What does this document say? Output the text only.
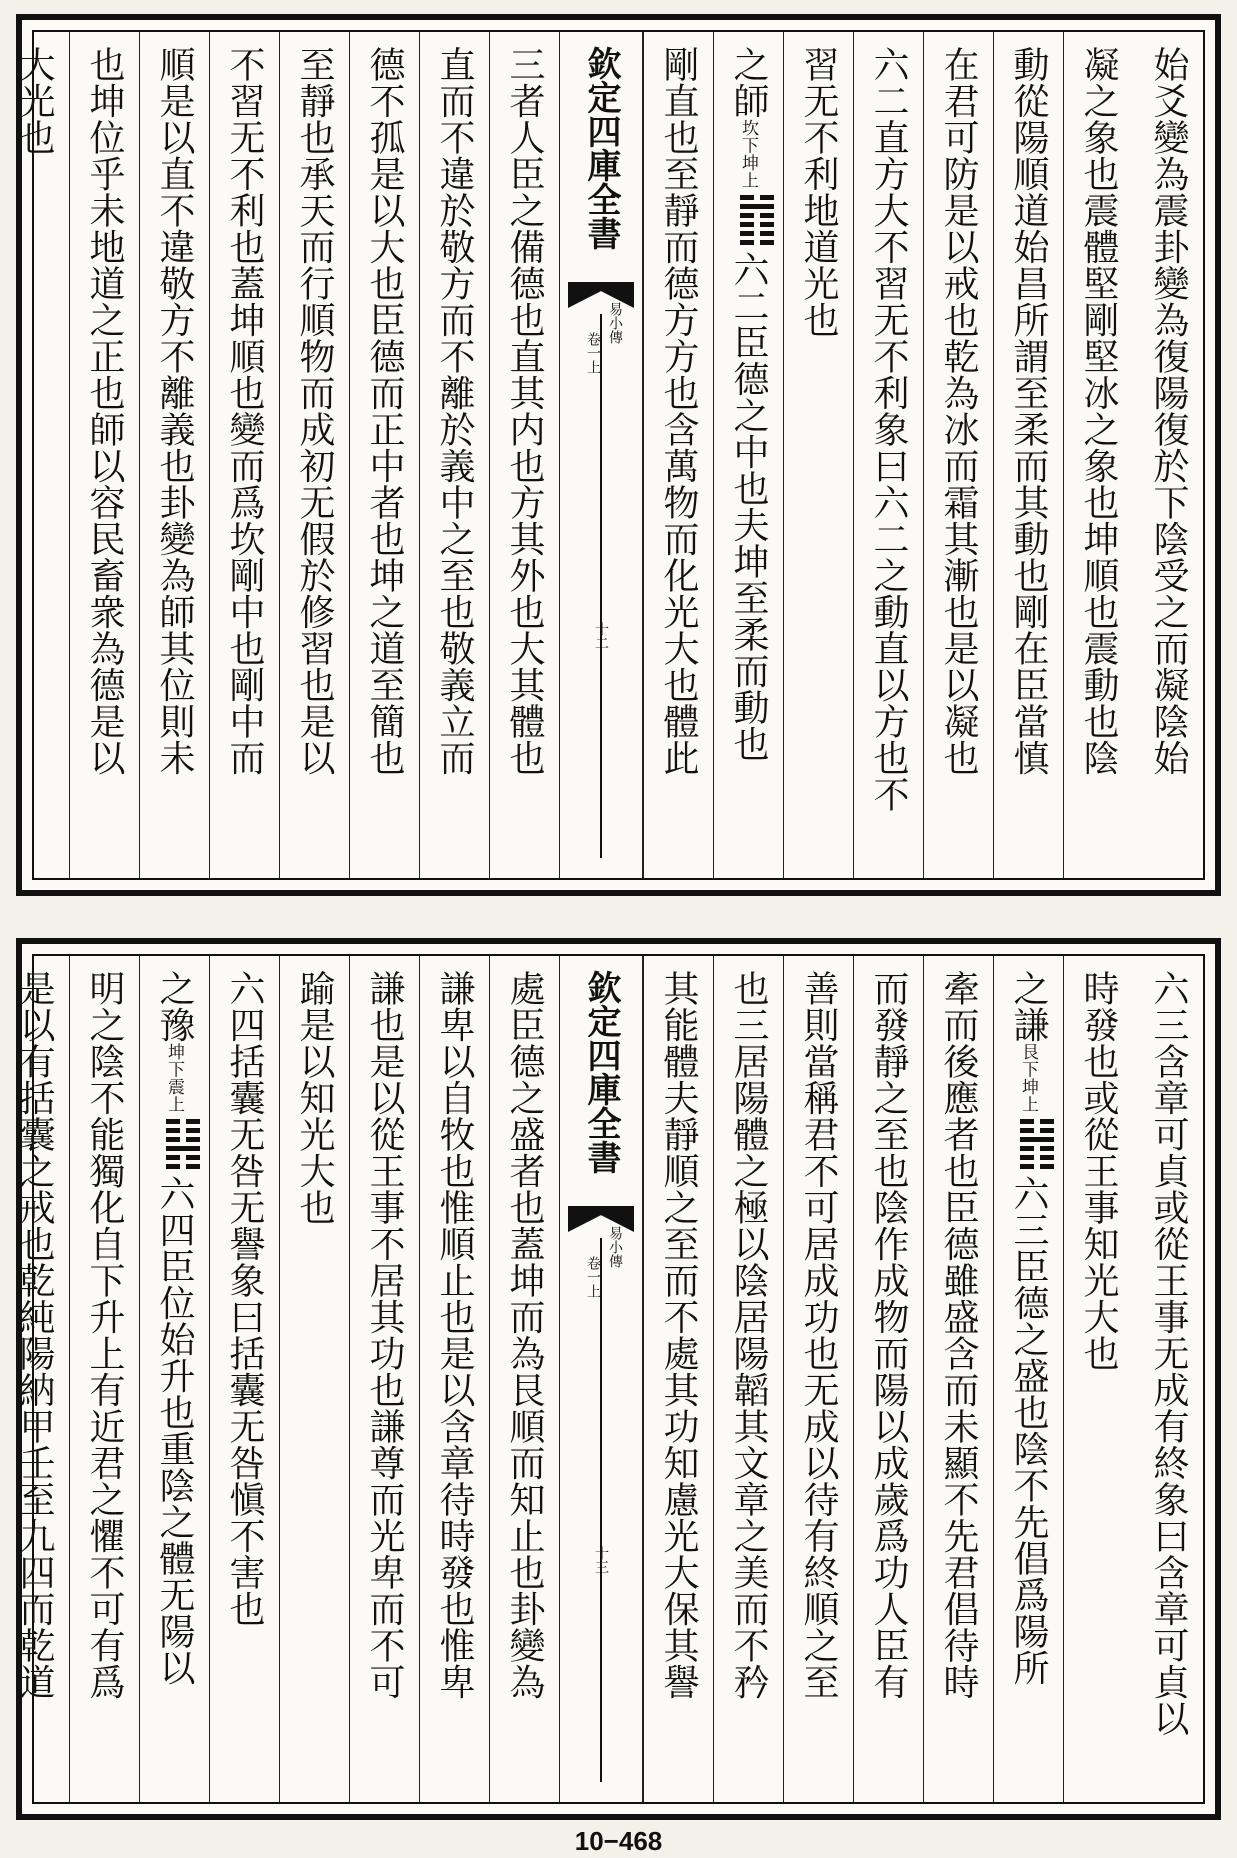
始爻變為震卦變為復陽復於下陰受之而凝陰始
凝之象也震體堅剛堅冰之象也坤順也震動也陰
動從陽順道始昌所謂至柔而其動也剛在臣當慎
在君可防是以戒也乾為冰而霜其漸也是以凝也
六二直方大不習无不利象曰六二之動直以方也不
習无不利地道光也
之師坎下坤上
六二臣德之中也夫坤至柔而動也
剛直也至靜而德方方也含萬物而化光大也體此
欽定四庫全書
易小傳
卷一上
十二
三者人臣之備德也直其内也方其外也大其體也
直而不違於敬方而不離於義中之至也敬義立而
德不孤是以大也臣德而正中者也坤之道至簡也
至靜也承天而行順物而成初无假於修習也是以
不習无不利也蓋坤順也變而爲坎剛中也剛中而
順是以直不違敬方不離義也卦變為師其位則未
也坤位乎未地道之正也師以容民畜衆為德是以
大光也
六三含章可貞或從王事无成有終象曰含章可貞以
時發也或從王事知光大也
之謙艮下坤上
六三臣德之盛也陰不先倡爲陽所
牽而後應者也臣德雖盛含而未顯不先君倡待時
而發靜之至也陰作成物而陽以成歲爲功人臣有
善則當稱君不可居成功也无成以待有終順之至
也三居陽體之極以陰居陽韜其文章之美而不矜
其能體夫靜順之至而不處其功知慮光大保其譽
欽定四庫全書
易小傳
卷一上
十三
處臣德之盛者也蓋坤而為艮順而知止也卦變為
謙卑以自牧也惟順止也是以含章待時發也惟卑
謙也是以從王事不居其功也謙尊而光卑而不可
踰是以知光大也
六四括囊无咎无譽象曰括囊无咎愼不害也
之豫坤下震上
六四臣位始升也重陰之體无陽以
明之陰不能獨化自下升上有近君之懼不可有爲
是以有括囊之戒也乾純陽納甲壬至九四而乾道
10−468
